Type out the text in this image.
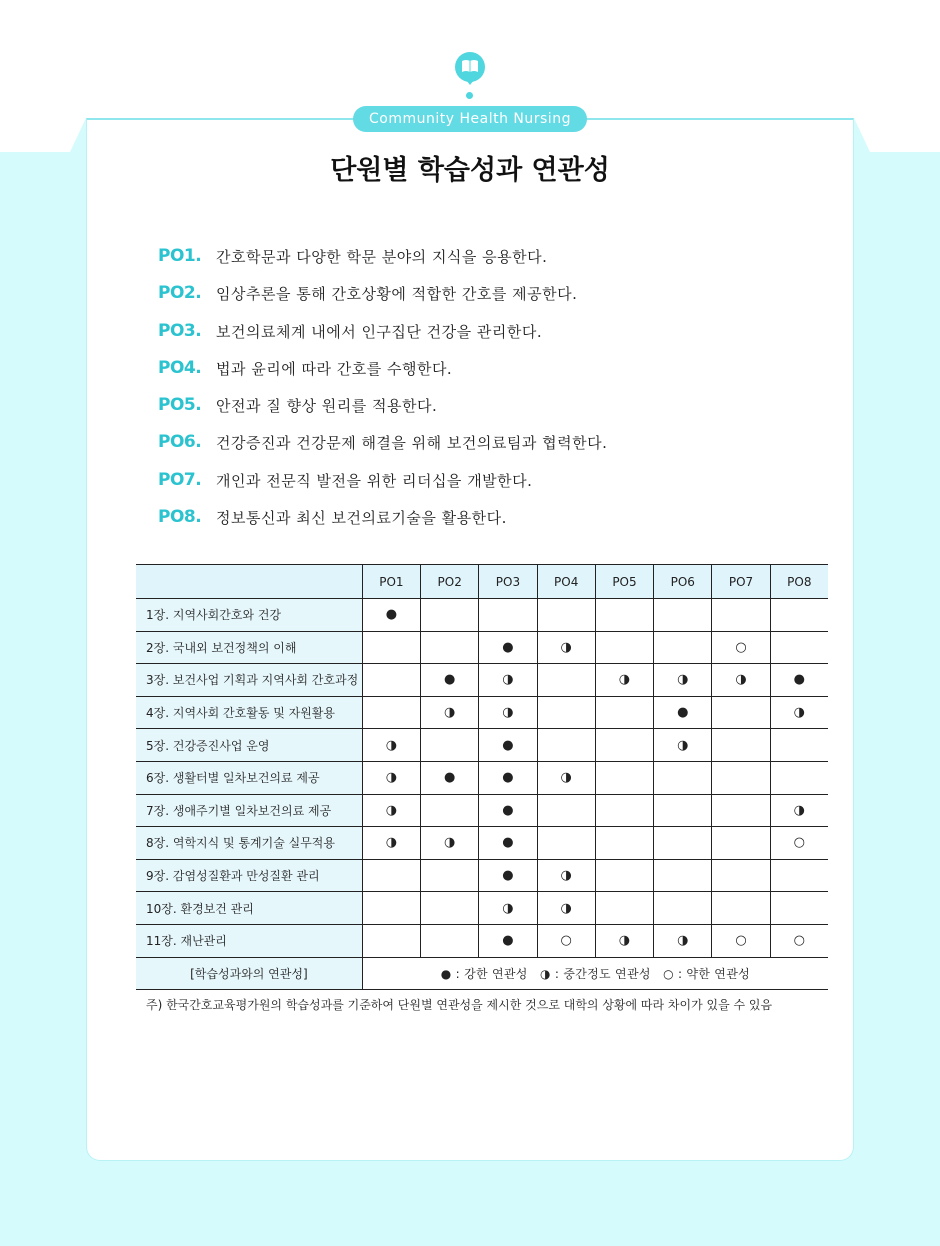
Community Health Nursing
단원별 학습성과 연관성
PO1. 간호학문과 다양한 학문 분야의 지식을 응용한다.
PO2. 임상추론을 통해 간호상황에 적합한 간호를 제공한다.
PO3. 보건의료체계 내에서 인구집단 건강을 관리한다.
PO4. 법과 윤리에 따라 간호를 수행한다.
PO5. 안전과 질 향상 원리를 적용한다.
PO6. 건강증진과 건강문제 해결을 위해 보건의료팀과 협력한다.
PO7. 개인과 전문직 발전을 위한 리더십을 개발한다.
PO8. 정보통신과 최신 보건의료기술을 활용한다.
	PO1	PO2	PO3	PO4	PO5	PO6	PO7	PO8
1장. 지역사회간호와 건강	●							
2장. 국내외 보건정책의 이해			●	◑			○	
3장. 보건사업 기획과 지역사회 간호과정		●	◑		◑	◑	◑	●
4장. 지역사회 간호활동 및 자원활용		◑	◑			●		◑
5장. 건강증진사업 운영	◑		●			◑		
6장. 생활터별 일차보건의료 제공	◑	●	●	◑				
7장. 생애주기별 일차보건의료 제공	◑		●					◑
8장. 역학지식 및 통계기술 실무적용	◑	◑	●					○
9장. 감염성질환과 만성질환 관리			●	◑				
10장. 환경보건 관리			◑	◑				
11장. 재난관리			●	○	◑	◑	○	○
[학습성과와의 연관성]	● : 강한 연관성   ◑ : 중간정도 연관성   ○ : 약한 연관성							
주) 한국간호교육평가원의 학습성과를 기준하여 단원별 연관성을 제시한 것으로 대학의 상황에 따라 차이가 있을 수 있음
